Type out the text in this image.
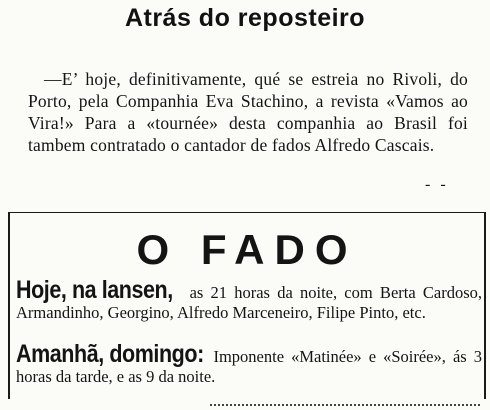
Atrás do reposteiro
—E’ hoje, definitivamente, qué se estreia no Rivoli, do Porto, pela Companhia Eva Stachino, a revista «Vamos ao Vira!» Para a «tournée» desta companhia ao Brasil foi tambem contratado o cantador de fados Alfredo Cascais.
- -
O FADO
Hoje, na lansen, as 21 horas da noite, com Berta Cardoso, Armandinho, Georgino, Alfredo Marceneiro, Filipe Pinto, etc.
Amanhã, domingo: Imponente «Matinée» e «Soirée», ás 3 horas da tarde, e as 9 da noite.
